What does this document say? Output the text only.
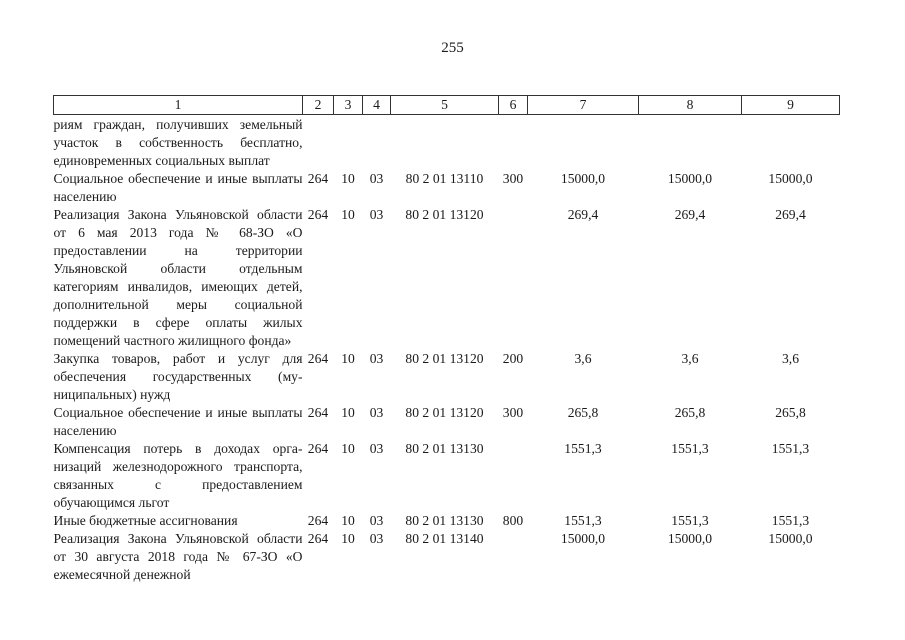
255
1	2	3	4	5	6	7	8	9
риям граждан, получивших земельный участок в собственность бесплатно, единовременных социальных выплат								
Социальное обеспечение и иные выплаты населению	264	10	03	80 2 01 13110	300	15000,0	15000,0	15000,0
Реализация Закона Ульяновской области от 6 мая 2013 года № 68-ЗО «О предоставлении на территории Ульяновской области отдельным категориям инвалидов, имеющих детей, дополнительной меры социальной поддержки в сфере оплаты жилых помещений частного жилищного фонда»	264	10	03	80 2 01 13120		269,4	269,4	269,4
Закупка товаров, работ и услуг для обеспечения государственных (муниципальных) нужд	264	10	03	80 2 01 13120	200	3,6	3,6	3,6
Социальное обеспечение и иные выплаты населению	264	10	03	80 2 01 13120	300	265,8	265,8	265,8
Компенсация потерь в доходах организаций железнодорожного транспорта, связанных с предоставлением обучающимся льгот	264	10	03	80 2 01 13130		1551,3	1551,3	1551,3
Иные бюджетные ассигнования	264	10	03	80 2 01 13130	800	1551,3	1551,3	1551,3
Реализация Закона Ульяновской области от 30 августа 2018 года № 67-ЗО «О ежемесячной денежной	264	10	03	80 2 01 13140		15000,0	15000,0	15000,0
